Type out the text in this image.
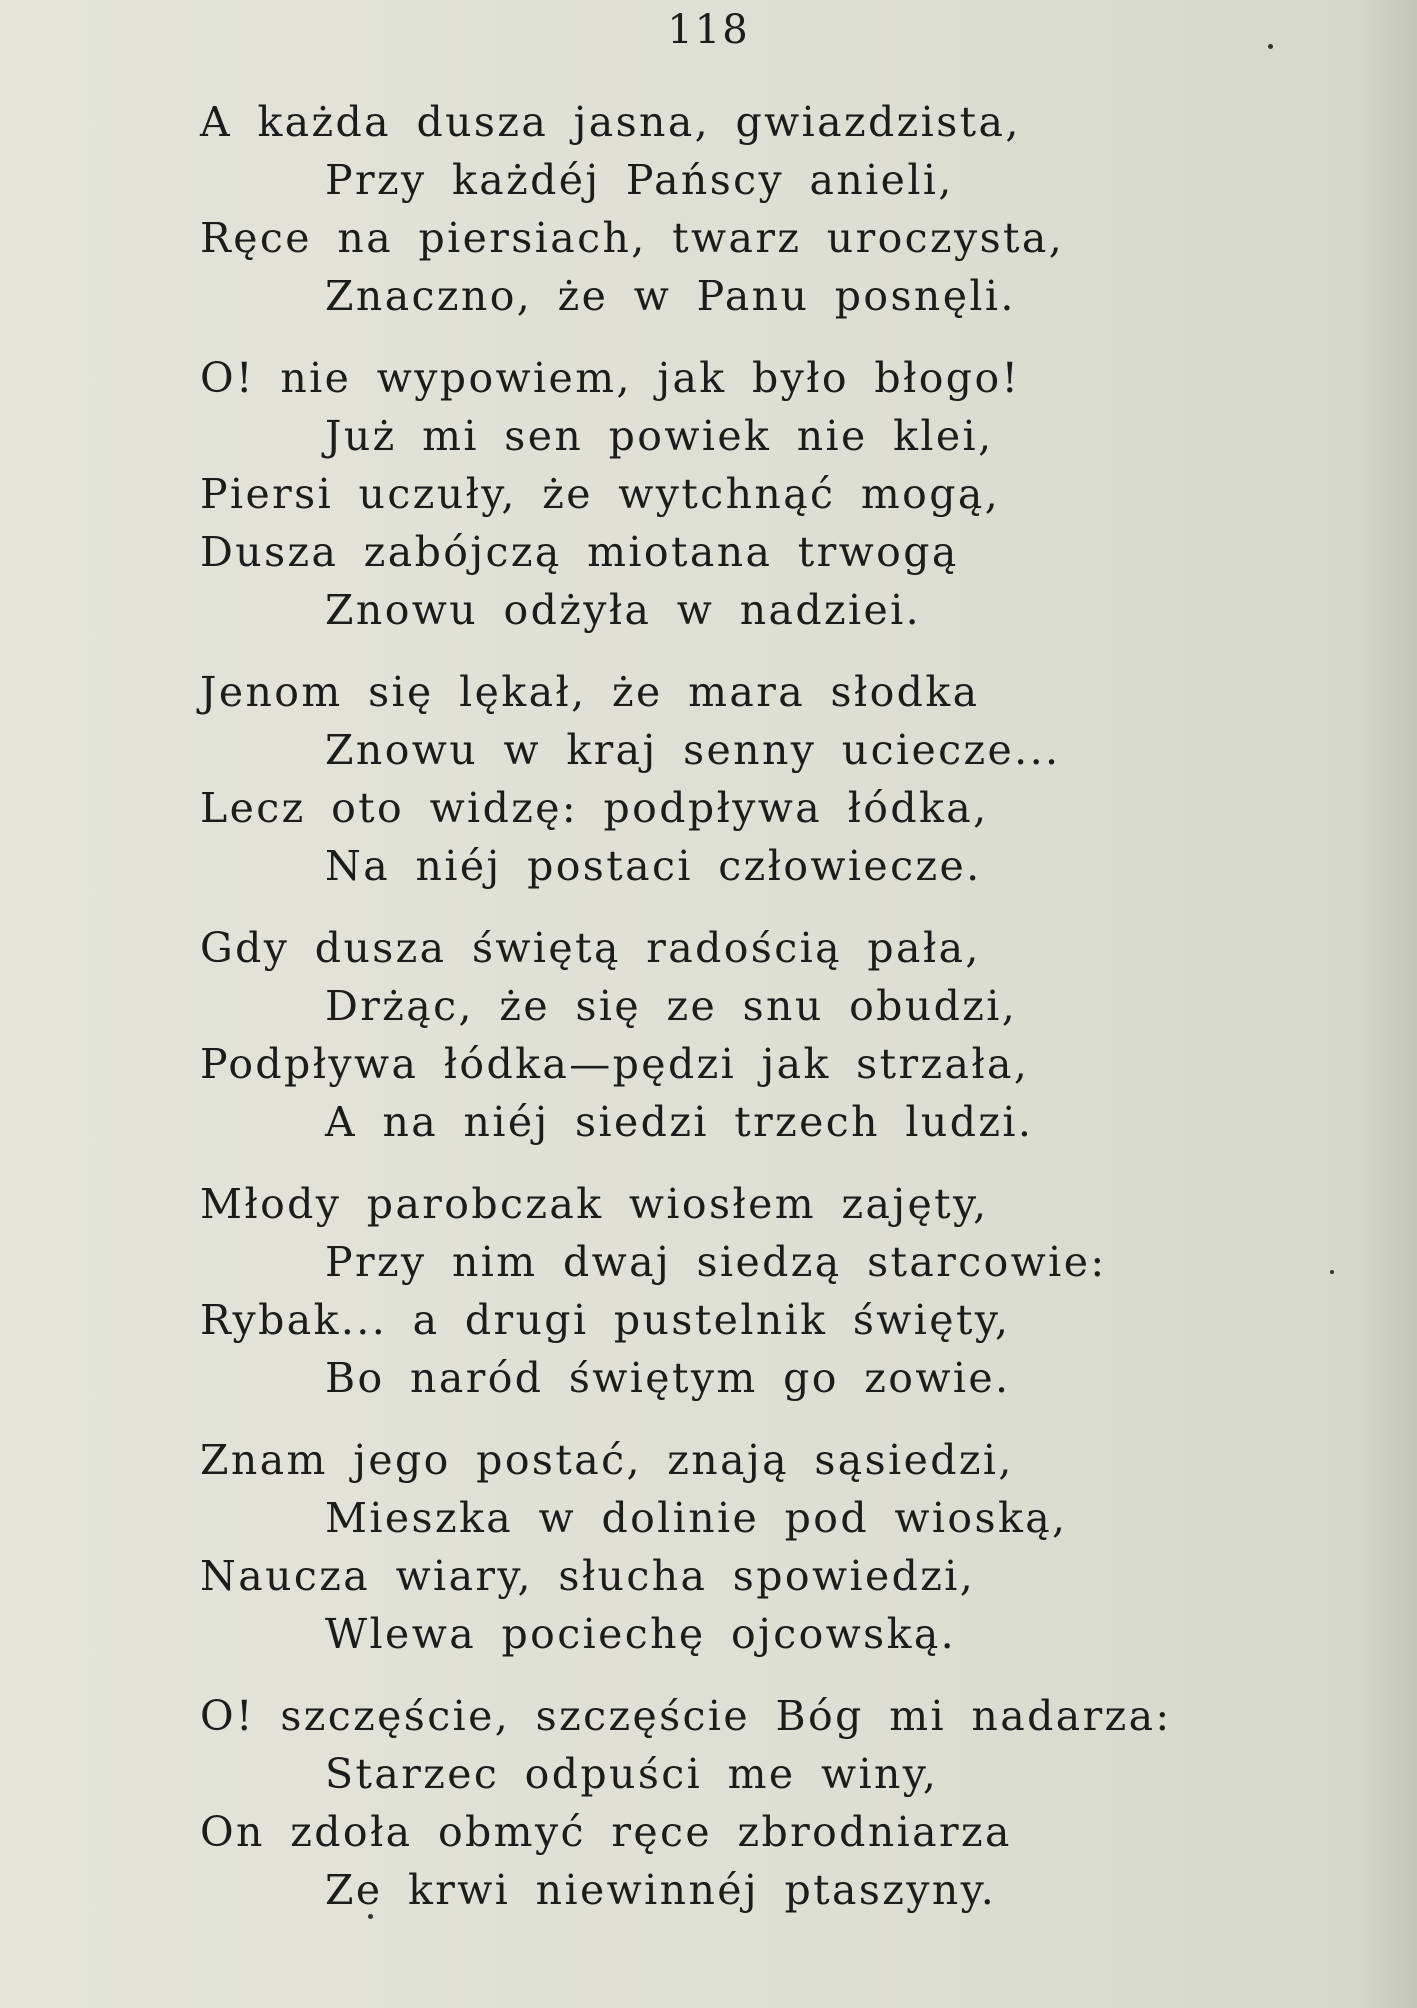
118
A każda dusza jasna, gwiazdzista,
Przy każdéj Pańscy anieli,
Ręce na piersiach, twarz uroczysta,
Znaczno, że w Panu posnęli.
O! nie wypowiem, jak było błogo!
Już mi sen powiek nie klei,
Piersi uczuły, że wytchnąć mogą,
Dusza zabójczą miotana trwogą
Znowu odżyła w nadziei.
Jenom się lękał, że mara słodka
Znowu w kraj senny uciecze...
Lecz oto widzę: podpływa łódka,
Na niéj postaci człowiecze.
Gdy dusza świętą radością pała,
Drżąc, że się ze snu obudzi,
Podpływa łódka—pędzi jak strzała,
A na niéj siedzi trzech ludzi.
Młody parobczak wiosłem zajęty,
Przy nim dwaj siedzą starcowie:
Rybak... a drugi pustelnik święty,
Bo naród świętym go zowie.
Znam jego postać, znają sąsiedzi,
Mieszka w dolinie pod wioską,
Naucza wiary, słucha spowiedzi,
Wlewa pociechę ojcowską.
O! szczęście, szczęście Bóg mi nadarza:
Starzec odpuści me winy,
On zdoła obmyć ręce zbrodniarza
Ze krwi niewinnéj ptaszyny.
